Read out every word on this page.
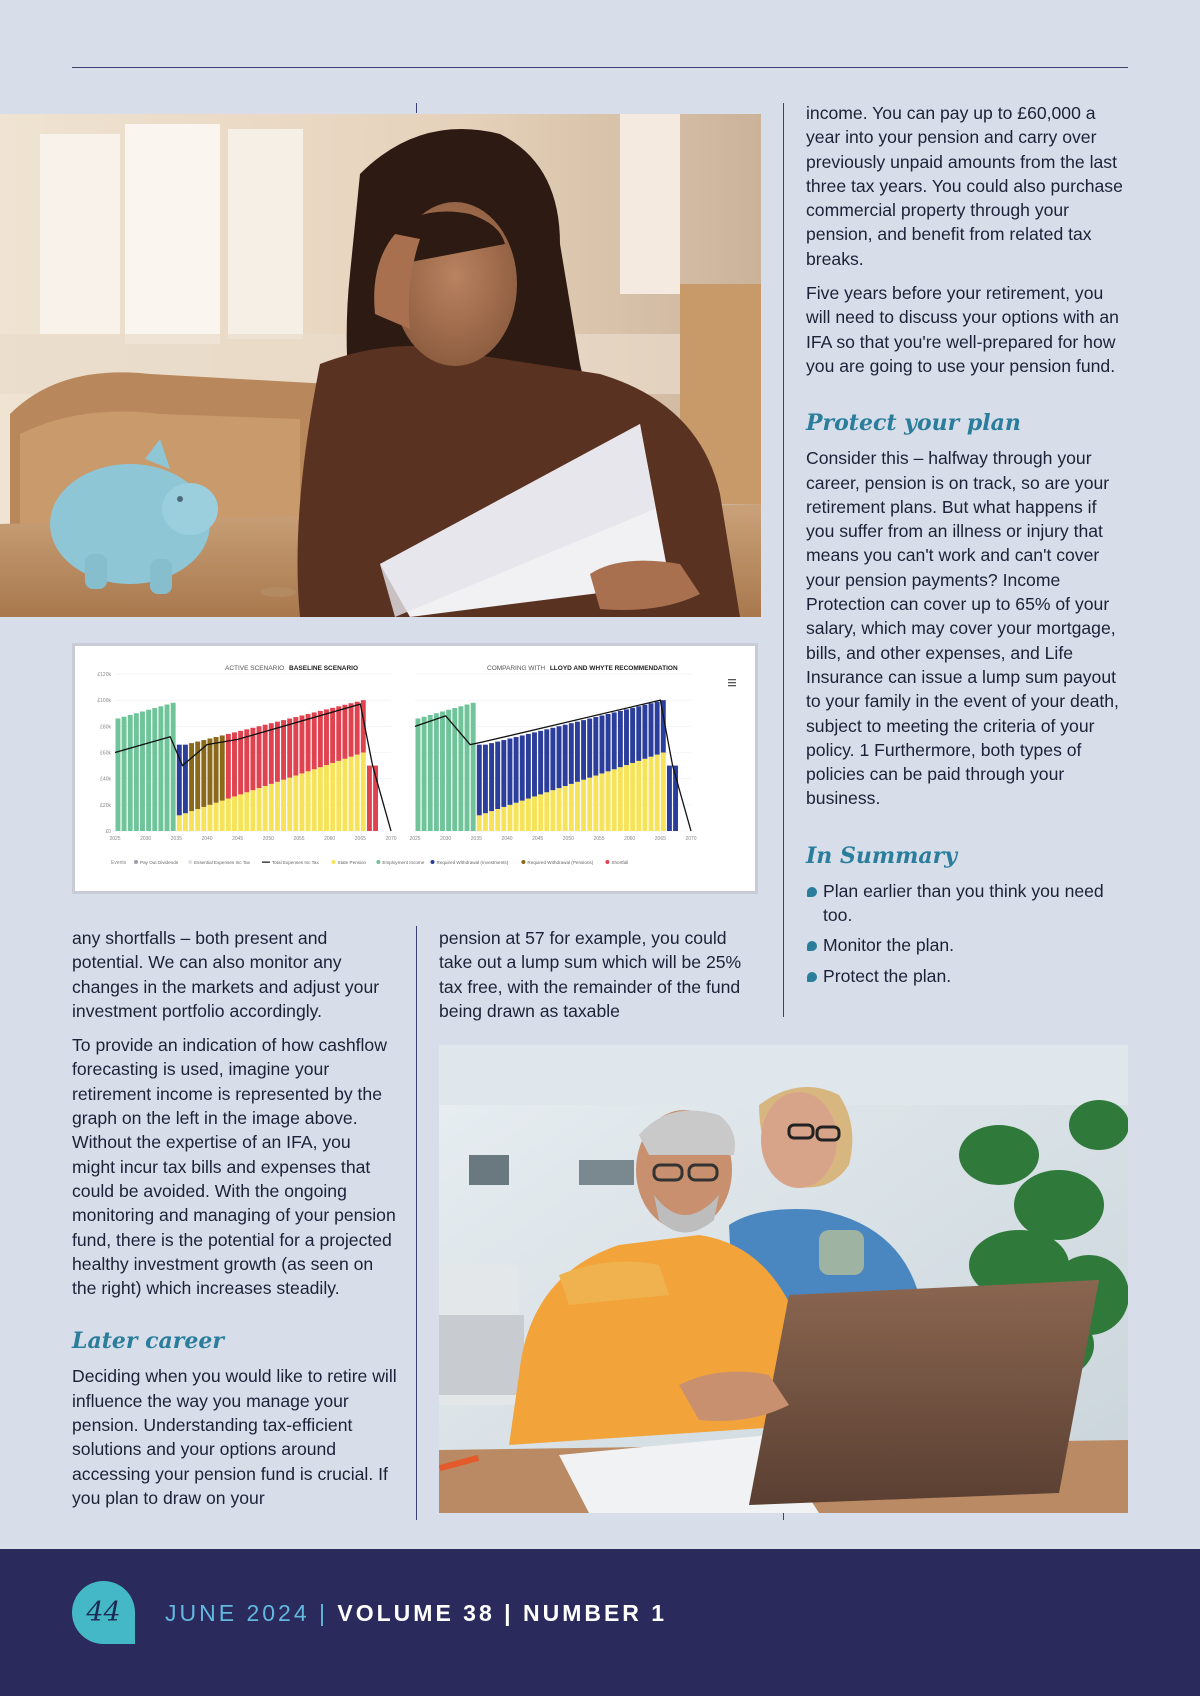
£0
£20k
£40k
£60k
£80k
£100k
£120k
2025	2030	2035	2040	2045	2050	2055	2060	2065	2070	2025	2030	2035	2040	2045	2050	2055	2060	2065	2070
ACTIVE SCENARIO BASELINE SCENARIO	COMPARING WITH LLOYD AND WHYTE RECOMMENDATION
Events	Pay Out Dividends	Essential Expenses Inc Tax	Total Expenses Inc Tax	State Pension	Employment Income	Required Withdrawal (Investments)	Required Withdrawal (Pensions)	Shortfall

income. You can pay up to £60,000 a year into your pension and carry over previously unpaid amounts from the last three tax years. You could also purchase commercial property through your pension, and benefit from related tax breaks.

Five years before your retirement, you will need to discuss your options with an IFA so that you're well-prepared for how you are going to use your pension fund.

Protect your plan

Consider this – halfway through your career, pension is on track, so are your retirement plans. But what happens if you suffer from an illness or injury that means you can't work and can't cover your pension payments? Income Protection can cover up to 65% of your salary, which may cover your mortgage, bills, and other expenses, and Life Insurance can issue a lump sum payout to your family in the event of your death, subject to meeting the criteria of your policy. 1 Furthermore, both types of policies can be paid through your business.

In Summary
Plan earlier than you think you need too.
Monitor the plan.
Protect the plan.

any shortfalls – both present and potential. We can also monitor any changes in the markets and adjust your investment portfolio accordingly.

To provide an indication of how cashflow forecasting is used, imagine your retirement income is represented by the graph on the left in the image above. Without the expertise of an IFA, you might incur tax bills and expenses that could be avoided. With the ongoing monitoring and managing of your pension fund, there is the potential for a projected healthy investment growth (as seen on the right) which increases steadily.

Later career

Deciding when you would like to retire will influence the way you manage your pension. Understanding tax-efficient solutions and your options around accessing your pension fund is crucial. If you plan to draw on your

pension at 57 for example, you could take out a lump sum which will be 25% tax free, with the remainder of the fund being drawn as taxable

44	JUNE 2024 | VOLUME 38 | NUMBER 1
